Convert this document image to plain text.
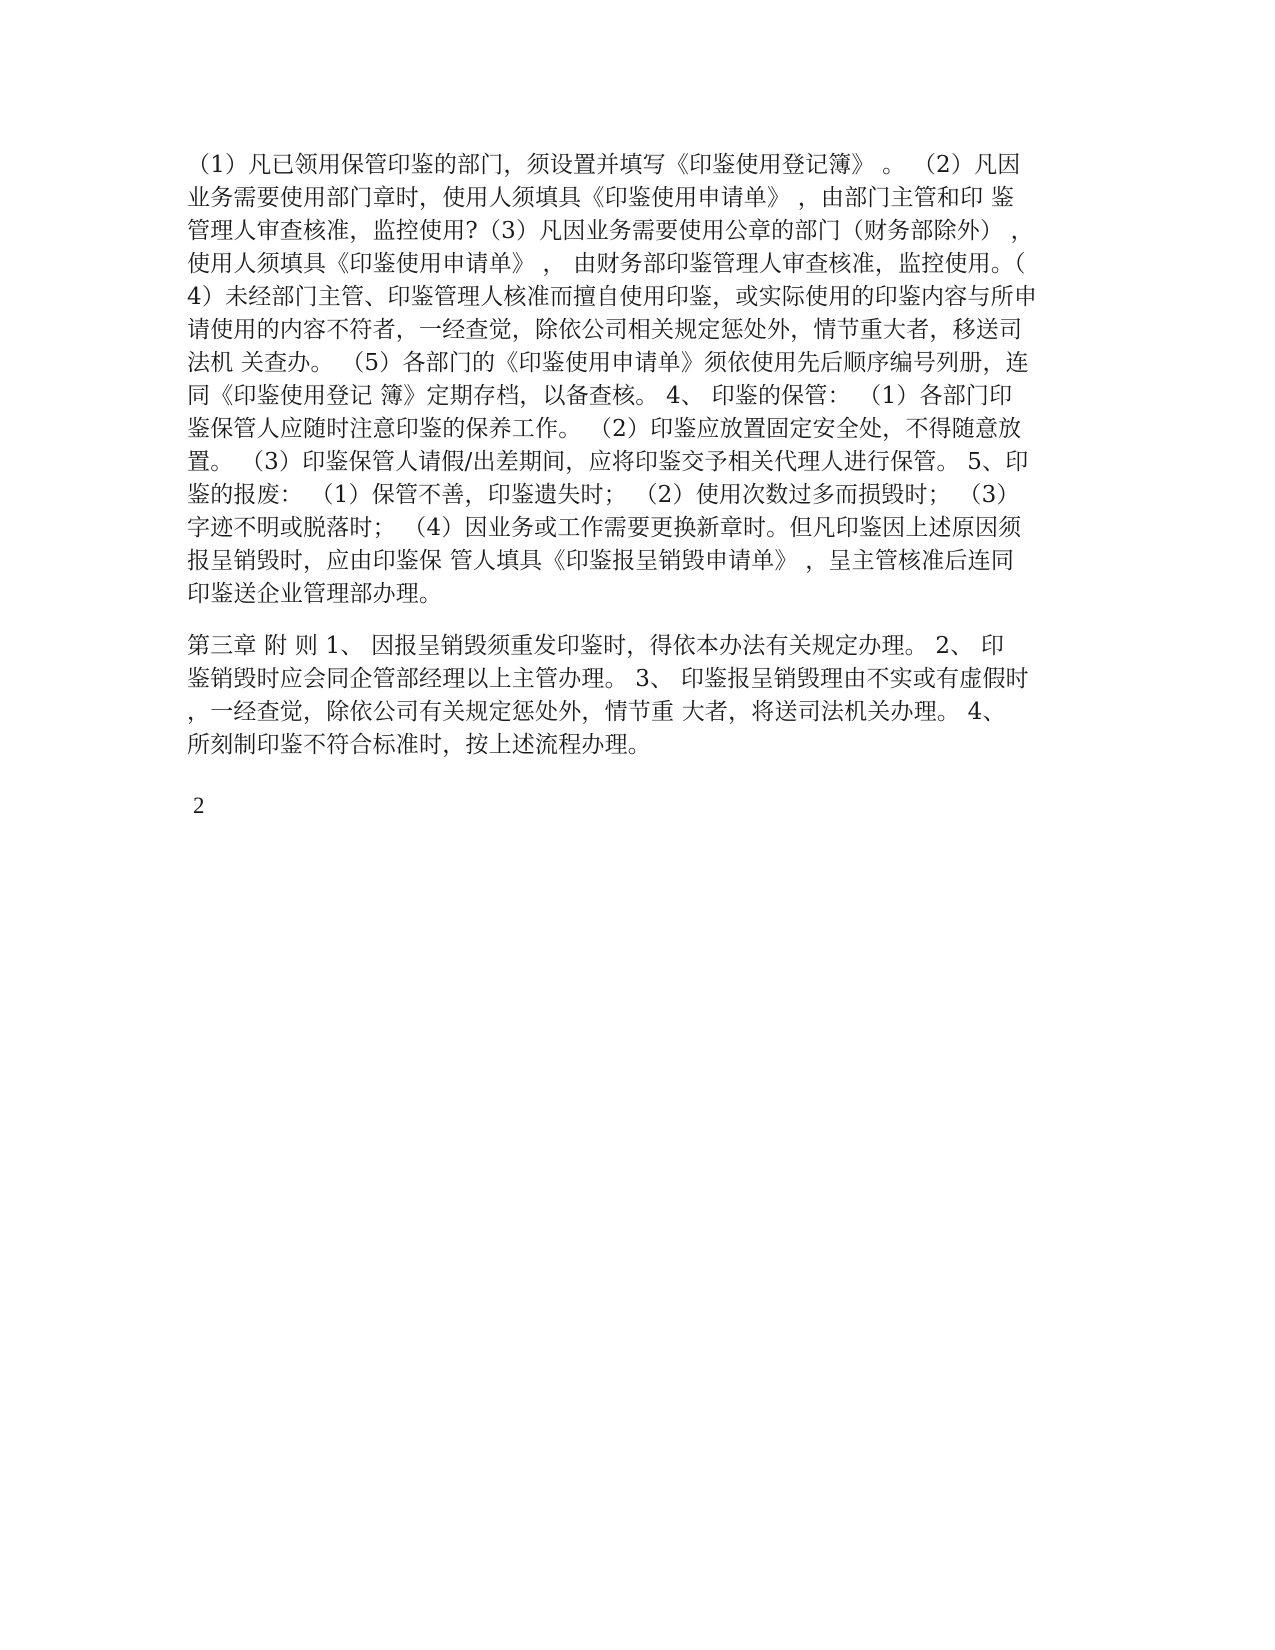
（1）凡已领用保管印鉴的部门，须设置并填写《印鉴使用登记簿》 。 （2）凡因
业务需要使用部门章时，使用人须填具《印鉴使用申请单》 ，由部门主管和印 鉴
管理人审查核准，监控使用?（3）凡因业务需要使用公章的部门（财务部除外） ，
使用人须填具《印鉴使用申请单》 ， 由财务部印鉴管理人审查核准，监控使用。（
4）未经部门主管、印鉴管理人核准而擅自使用印鉴，或实际使用的印鉴内容与所申
请使用的内容不符者，一经查觉，除依公司相关规定惩处外，情节重大者，移送司
法机 关查办。 （5）各部门的《印鉴使用申请单》须依使用先后顺序编号列册，连
同《印鉴使用登记 簿》定期存档，以备查核。 4、 印鉴的保管： （1）各部门印
鉴保管人应随时注意印鉴的保养工作。 （2）印鉴应放置固定安全处，不得随意放
置。 （3）印鉴保管人请假/出差期间，应将印鉴交予相关代理人进行保管。 5、印
鉴的报废： （1）保管不善，印鉴遗失时； （2）使用次数过多而损毁时； （3）
字迹不明或脱落时； （4）因业务或工作需要更换新章时。但凡印鉴因上述原因须
报呈销毁时，应由印鉴保 管人填具《印鉴报呈销毁申请单》 ，呈主管核准后连同
印鉴送企业管理部办理。
第三章 附 则 1、 因报呈销毁须重发印鉴时，得依本办法有关规定办理。 2、 印
鉴销毁时应会同企管部经理以上主管办理。 3、 印鉴报呈销毁理由不实或有虚假时
，一经查觉，除依公司有关规定惩处外，情节重 大者，将送司法机关办理。 4、
所刻制印鉴不符合标准时，按上述流程办理。
2
